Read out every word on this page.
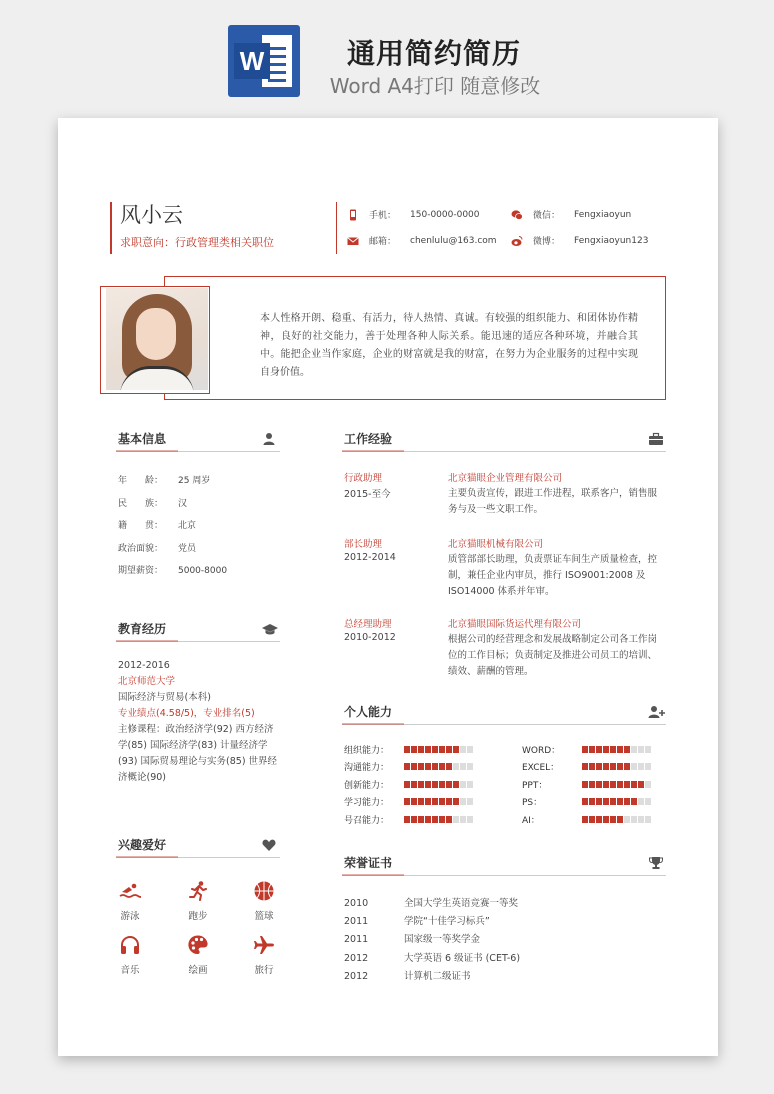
W	通用简约简历
Word A4打印 随意修改
风小云
求职意向：行政管理类相关职位
手机： 150-0000-0000	微信： Fengxiaoyun
邮箱： chenlulu@163.com	微博： Fengxiaoyun123
本人性格开朗、稳重、有活力，待人热情、真诚。有较强的组织能力、和团体协作精神，良好的社交能力，善于处理各种人际关系。能迅速的适应各种环境，并融合其中。能把企业当作家庭，企业的财富就是我的财富，在努力为企业服务的过程中实现自身价值。
基本信息
年　　龄： 25 周岁
民　　族： 汉
籍　　贯： 北京
政治面貌： 党员
期望薪资： 5000-8000
教育经历
2012-2016
北京师范大学
国际经济与贸易(本科)
专业绩点(4.58/5)，专业排名(5)
主修课程：政治经济学(92) 西方经济学(85) 国际经济学(83) 计量经济学(93) 国际贸易理论与实务(85) 世界经济概论(90)
兴趣爱好
游泳	跑步	篮球
音乐	绘画	旅行
工作经验
行政助理
2015-至今
北京猫眼企业管理有限公司
主要负责宣传，跟进工作进程，联系客户，销售服务与及一些文职工作。
部长助理
2012-2014
北京猫眼机械有限公司
质管部部长助理，负责票证车间生产质量检查，控制，兼任企业内审员，推行 ISO9001:2008 及 ISO14000 体系并年审。
总经理助理
2010-2012
北京猫眼国际货运代理有限公司
根据公司的经营理念和发展战略制定公司各工作岗位的工作目标；负责制定及推进公司员工的培训、绩效、薪酬的管理。
个人能力
组织能力：
沟通能力：
创新能力：
学习能力：
号召能力：
WORD：
EXCEL：
PPT：
PS：
AI：
荣誉证书
2010	全国大学生英语竞赛一等奖
2011	学院“十佳学习标兵”
2011	国家级一等奖学金
2012	大学英语 6 级证书 (CET-6)
2012	计算机二级证书
